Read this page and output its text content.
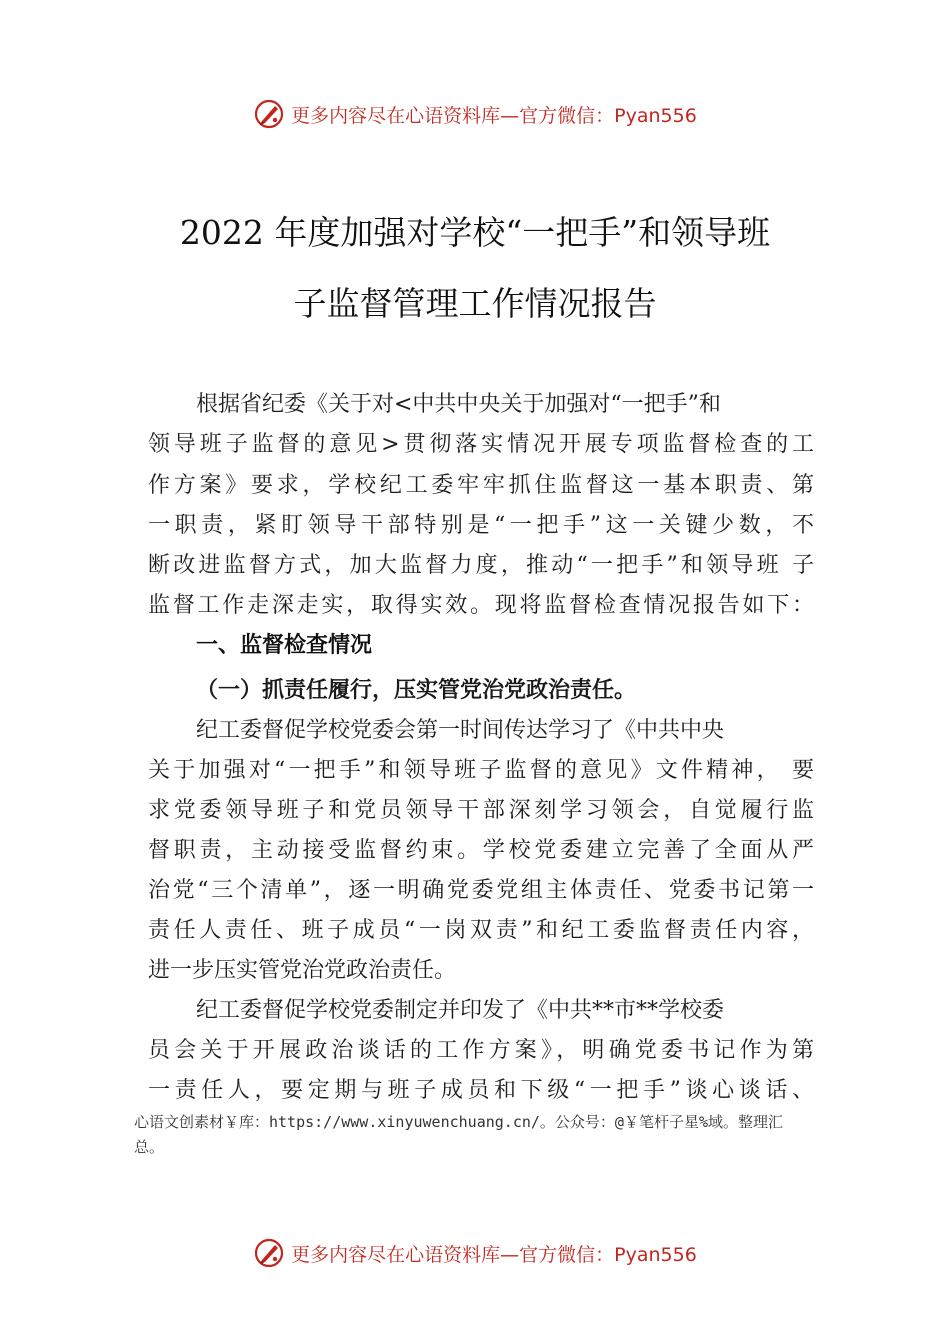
更多内容尽在心语资料库—官方微信：Pyan556
2022 年度加强对学校“一把手”和领导班
子监督管理工作情况报告
根据省纪委《关于对<中共中央关于加强对“一把手”和
领导班子监督的意见>贯彻落实情况开展专项监督检查的工
作方案》要求，学校纪工委牢牢抓住监督这一基本职责、第
一职责，紧盯领导干部特别是“一把手”这一关键少数，不
断改进监督方式，加大监督力度，推动“一把手”和领导班 子
监督工作走深走实，取得实效。现将监督检查情况报告如下：
一、监督检查情况
（一）抓责任履行，压实管党治党政治责任。
纪工委督促学校党委会第一时间传达学习了《中共中央
关于加强对“一把手”和领导班子监督的意见》文件精神， 要
求党委领导班子和党员领导干部深刻学习领会，自觉履行监
督职责，主动接受监督约束。学校党委建立完善了全面从严
治党“三个清单”，逐一明确党委党组主体责任、党委书记第一
责任人责任、班子成员“一岗双责”和纪工委监督责任内容，
进一步压实管党治党政治责任。
纪工委督促学校党委制定并印发了《中共**市**学校委
员会关于开展政治谈话的工作方案》，明确党委书记作为第
一责任人，要定期与班子成员和下级“一把手”谈心谈话、
心语文创素材￥库：https://www.xinyuwenchuang.cn/。公众号：@￥笔杆子星%域。整理汇
总。
更多内容尽在心语资料库—官方微信：Pyan556
